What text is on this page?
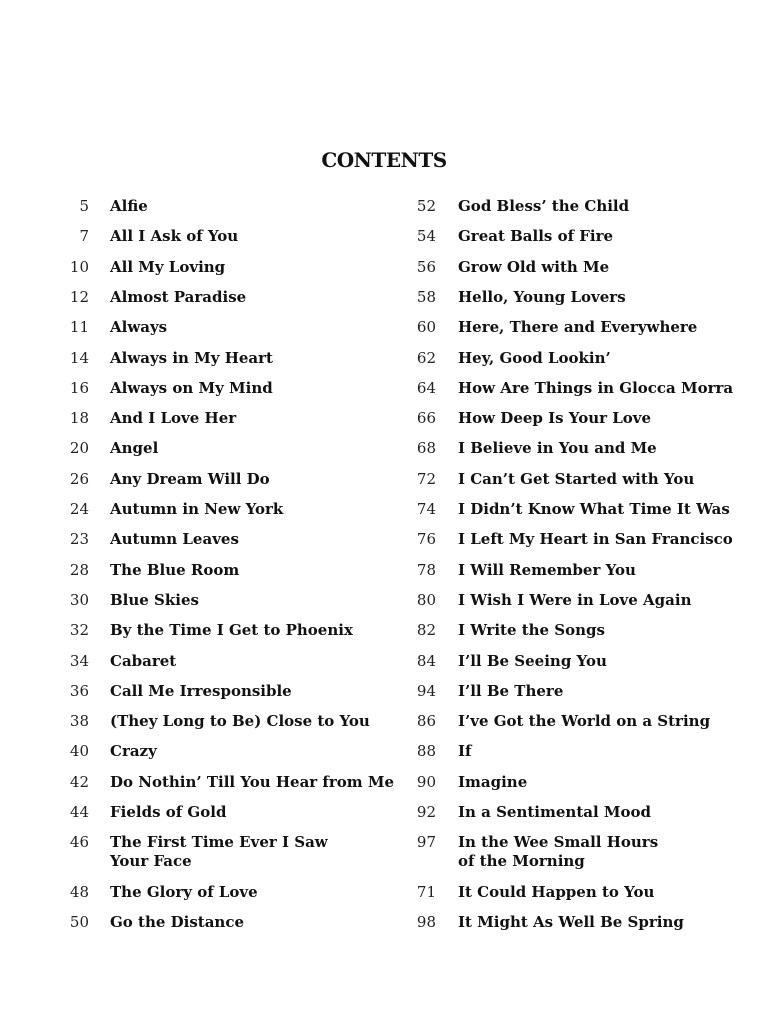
CONTENTS
5 Alfie
7 All I Ask of You
10 All My Loving
12 Almost Paradise
11 Always
14 Always in My Heart
16 Always on My Mind
18 And I Love Her
20 Angel
26 Any Dream Will Do
24 Autumn in New York
23 Autumn Leaves
28 The Blue Room
30 Blue Skies
32 By the Time I Get to Phoenix
34 Cabaret
36 Call Me Irresponsible
38 (They Long to Be) Close to You
40 Crazy
42 Do Nothin’ Till You Hear from Me
44 Fields of Gold
46 The First Time Ever I Saw
Your Face
48 The Glory of Love
50 Go the Distance
52 God Bless’ the Child
54 Great Balls of Fire
56 Grow Old with Me
58 Hello, Young Lovers
60 Here, There and Everywhere
62 Hey, Good Lookin’
64 How Are Things in Glocca Morra
66 How Deep Is Your Love
68 I Believe in You and Me
72 I Can’t Get Started with You
74 I Didn’t Know What Time It Was
76 I Left My Heart in San Francisco
78 I Will Remember You
80 I Wish I Were in Love Again
82 I Write the Songs
84 I’ll Be Seeing You
94 I’ll Be There
86 I’ve Got the World on a String
88 If
90 Imagine
92 In a Sentimental Mood
97 In the Wee Small Hours
of the Morning
71 It Could Happen to You
98 It Might As Well Be Spring
